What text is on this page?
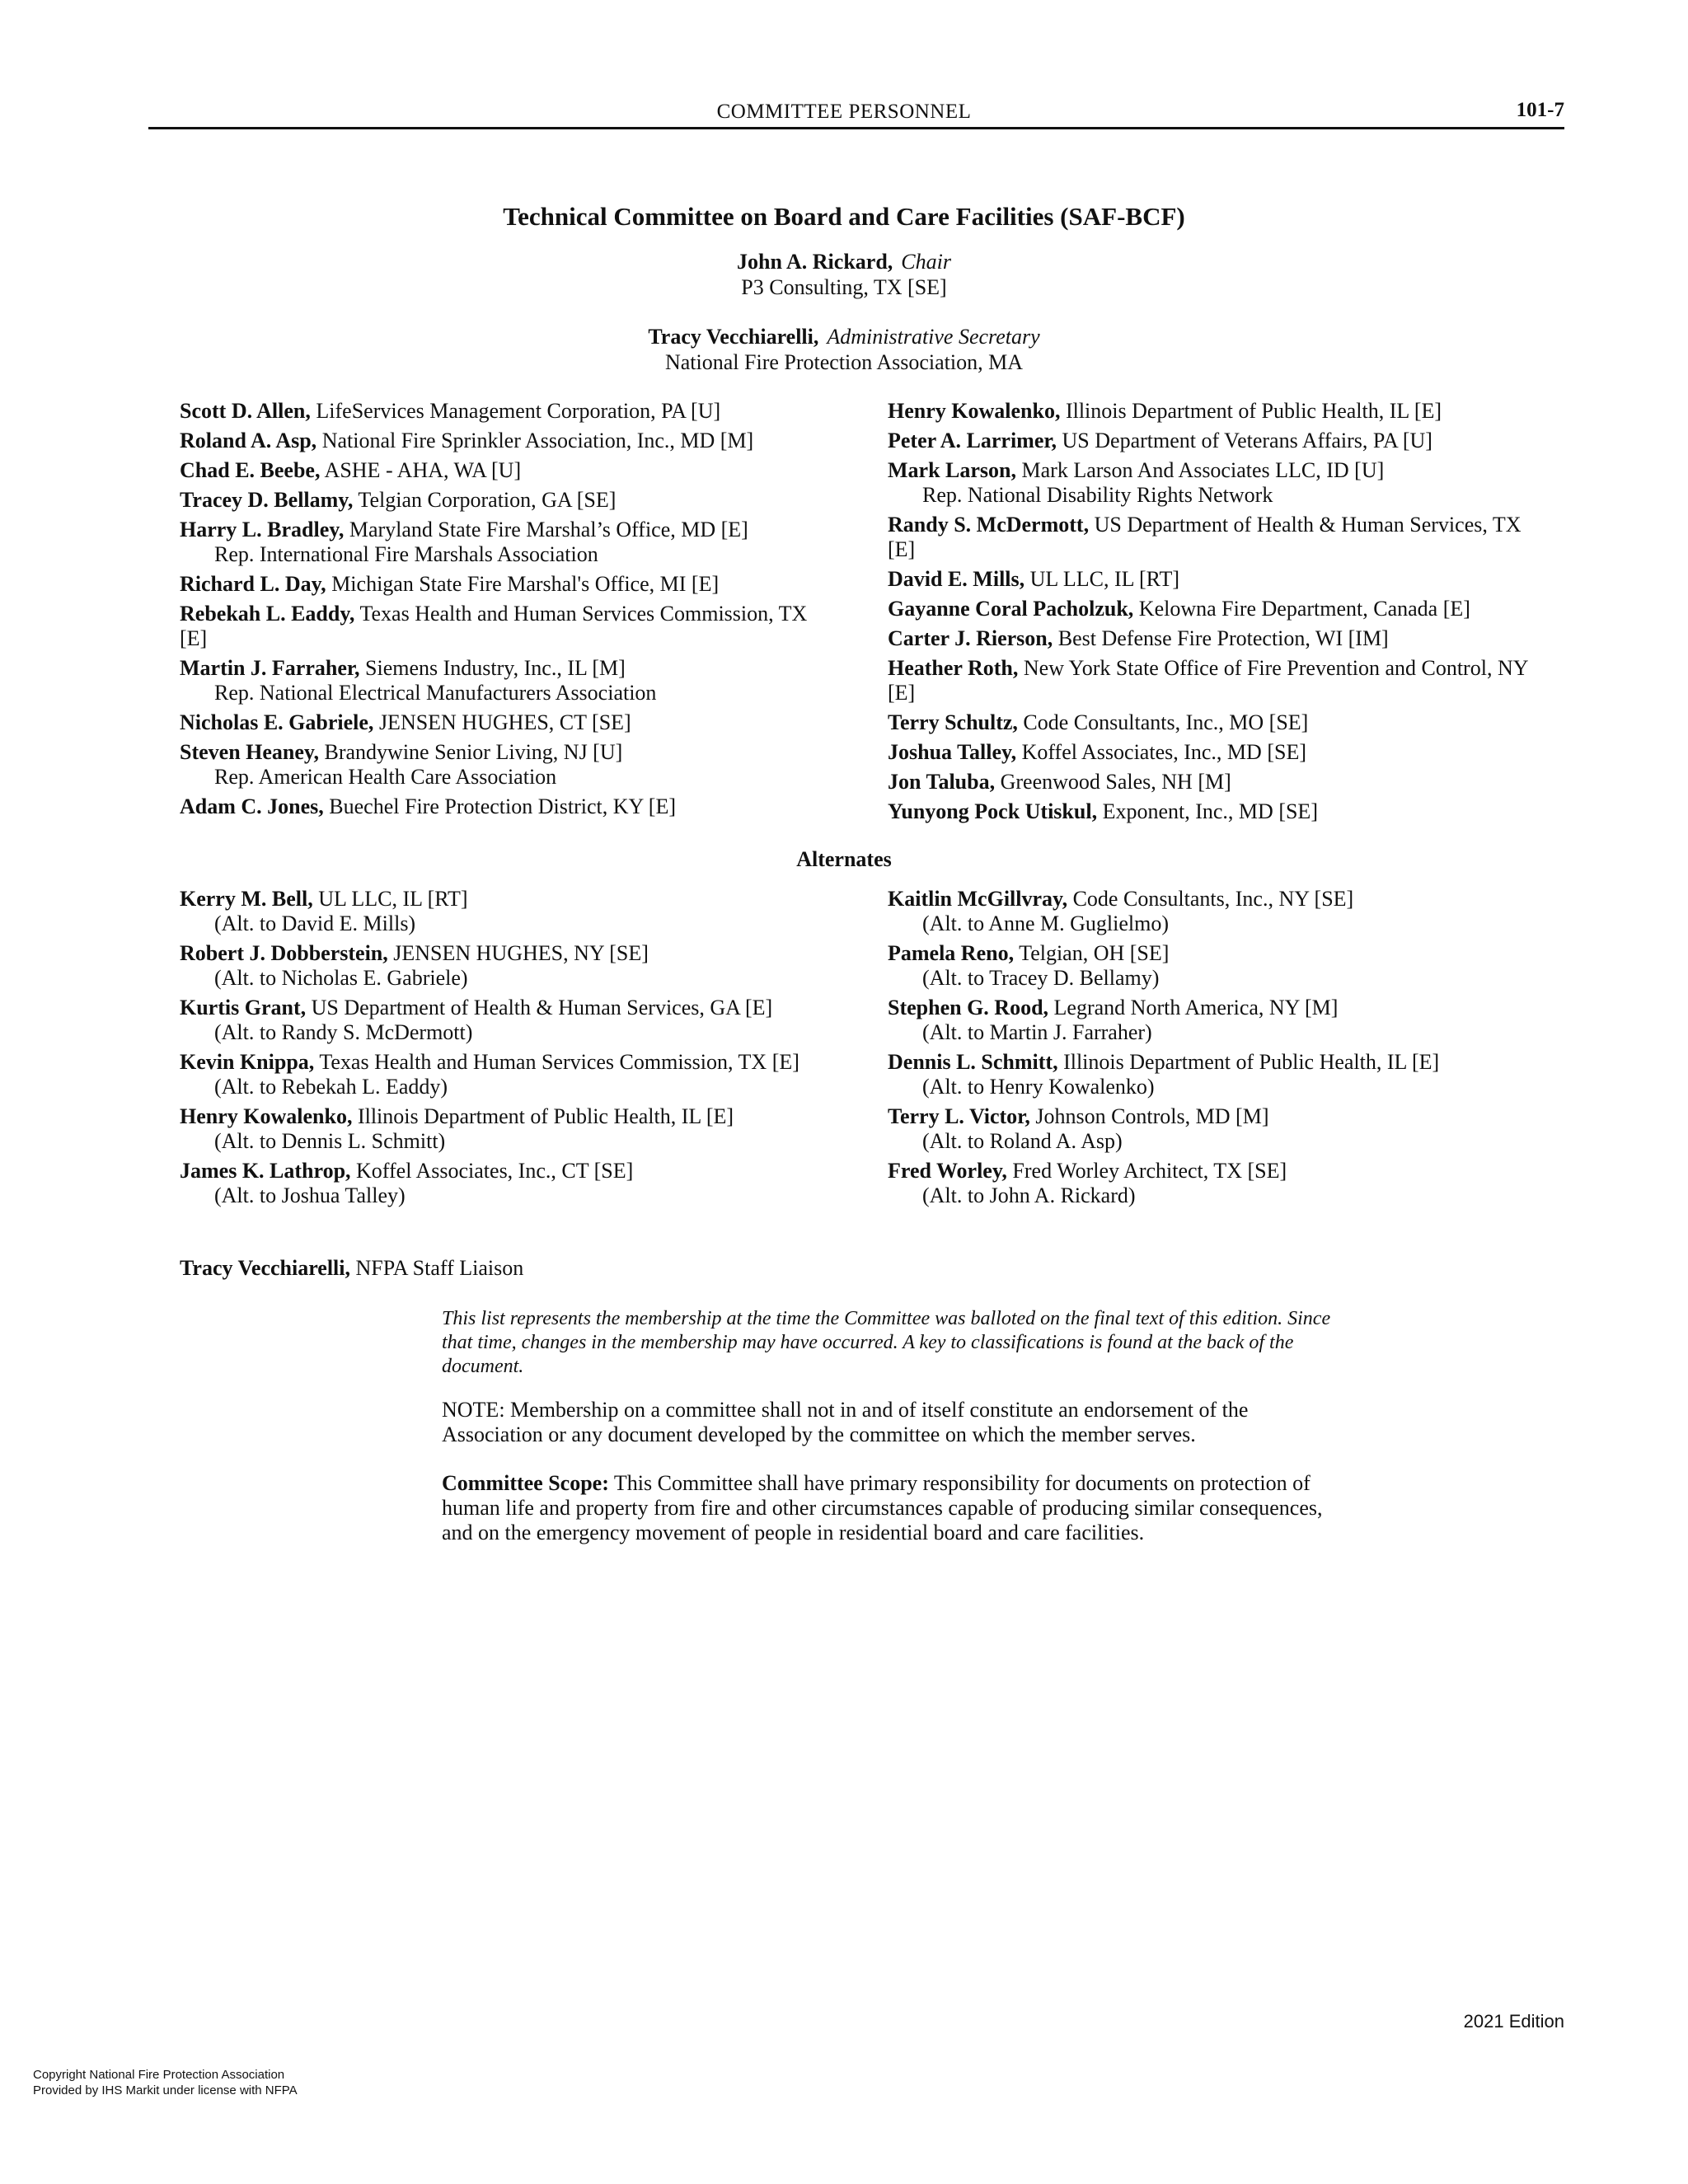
COMMITTEE PERSONNEL	101-7
Technical Committee on Board and Care Facilities (SAF-BCF)
John A. Rickard, Chair
P3 Consulting, TX [SE]
Tracy Vecchiarelli, Administrative Secretary
National Fire Protection Association, MA
Scott D. Allen, LifeServices Management Corporation, PA [U]
Roland A. Asp, National Fire Sprinkler Association, Inc., MD [M]
Chad E. Beebe, ASHE - AHA, WA [U]
Tracey D. Bellamy, Telgian Corporation, GA [SE]
Harry L. Bradley, Maryland State Fire Marshal’s Office, MD [E]
Rep. International Fire Marshals Association
Richard L. Day, Michigan State Fire Marshal's Office, MI [E]
Rebekah L. Eaddy, Texas Health and Human Services Commission, TX [E]
Martin J. Farraher, Siemens Industry, Inc., IL [M]
Rep. National Electrical Manufacturers Association
Nicholas E. Gabriele, JENSEN HUGHES, CT [SE]
Steven Heaney, Brandywine Senior Living, NJ [U]
Rep. American Health Care Association
Adam C. Jones, Buechel Fire Protection District, KY [E]
Henry Kowalenko, Illinois Department of Public Health, IL [E]
Peter A. Larrimer, US Department of Veterans Affairs, PA [U]
Mark Larson, Mark Larson And Associates LLC, ID [U]
Rep. National Disability Rights Network
Randy S. McDermott, US Department of Health & Human Services, TX [E]
David E. Mills, UL LLC, IL [RT]
Gayanne Coral Pacholzuk, Kelowna Fire Department, Canada [E]
Carter J. Rierson, Best Defense Fire Protection, WI [IM]
Heather Roth, New York State Office of Fire Prevention and Control, NY [E]
Terry Schultz, Code Consultants, Inc., MO [SE]
Joshua Talley, Koffel Associates, Inc., MD [SE]
Jon Taluba, Greenwood Sales, NH [M]
Yunyong Pock Utiskul, Exponent, Inc., MD [SE]
Alternates
Kerry M. Bell, UL LLC, IL [RT]
(Alt. to David E. Mills)
Robert J. Dobberstein, JENSEN HUGHES, NY [SE]
(Alt. to Nicholas E. Gabriele)
Kurtis Grant, US Department of Health & Human Services, GA [E]
(Alt. to Randy S. McDermott)
Kevin Knippa, Texas Health and Human Services Commission, TX [E]
(Alt. to Rebekah L. Eaddy)
Henry Kowalenko, Illinois Department of Public Health, IL [E]
(Alt. to Dennis L. Schmitt)
James K. Lathrop, Koffel Associates, Inc., CT [SE]
(Alt. to Joshua Talley)
Kaitlin McGillvray, Code Consultants, Inc., NY [SE]
(Alt. to Anne M. Guglielmo)
Pamela Reno, Telgian, OH [SE]
(Alt. to Tracey D. Bellamy)
Stephen G. Rood, Legrand North America, NY [M]
(Alt. to Martin J. Farraher)
Dennis L. Schmitt, Illinois Department of Public Health, IL [E]
(Alt. to Henry Kowalenko)
Terry L. Victor, Johnson Controls, MD [M]
(Alt. to Roland A. Asp)
Fred Worley, Fred Worley Architect, TX [SE]
(Alt. to John A. Rickard)
Tracy Vecchiarelli, NFPA Staff Liaison
This list represents the membership at the time the Committee was balloted on the final text of this edition. Since that time, changes in the membership may have occurred. A key to classifications is found at the back of the document.
NOTE: Membership on a committee shall not in and of itself constitute an endorsement of the Association or any document developed by the committee on which the member serves.
Committee Scope: This Committee shall have primary responsibility for documents on protection of human life and property from fire and other circumstances capable of producing similar consequences, and on the emergency movement of people in residential board and care facilities.
2021 Edition
Copyright National Fire Protection Association
Provided by IHS Markit under license with NFPA
